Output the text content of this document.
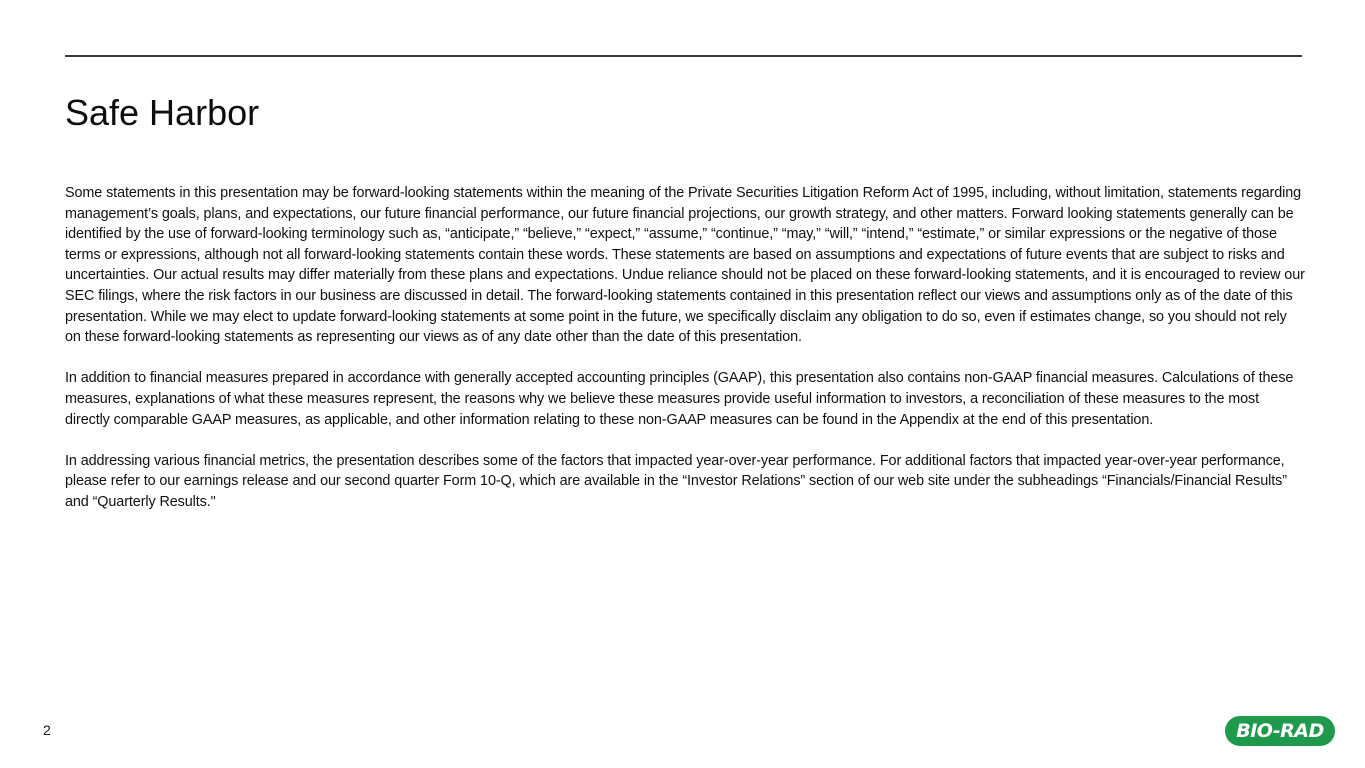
Safe Harbor

Some statements in this presentation may be forward-looking statements within the meaning of the Private Securities Litigation Reform Act of 1995, including, without limitation, statements regarding management’s goals, plans, and expectations, our future financial performance, our future financial projections, our growth strategy, and other matters. Forward looking statements generally can be identified by the use of forward-looking terminology such as, “anticipate,” “believe,” “expect,” “assume,” “continue,” “may,” “will,” “intend,” “estimate,” or similar expressions or the negative of those terms or expressions, although not all forward-looking statements contain these words. These statements are based on assumptions and expectations of future events that are subject to risks and uncertainties. Our actual results may differ materially from these plans and expectations. Undue reliance should not be placed on these forward-looking statements, and it is encouraged to review our SEC filings, where the risk factors in our business are discussed in detail. The forward-looking statements contained in this presentation reflect our views and assumptions only as of the date of this presentation. While we may elect to update forward-looking statements at some point in the future, we specifically disclaim any obligation to do so, even if estimates change, so you should not rely on these forward-looking statements as representing our views as of any date other than the date of this presentation.

In addition to financial measures prepared in accordance with generally accepted accounting principles (GAAP), this presentation also contains non-GAAP financial measures. Calculations of these measures, explanations of what these measures represent, the reasons why we believe these measures provide useful information to investors, a reconciliation of these measures to the most directly comparable GAAP measures, as applicable, and other information relating to these non-GAAP measures can be found in the Appendix at the end of this presentation.

In addressing various financial metrics, the presentation describes some of the factors that impacted year-over-year performance. For additional factors that impacted year-over-year performance, please refer to our earnings release and our second quarter Form 10-Q, which are available in the “Investor Relations” section of our web site under the subheadings “Financials/Financial Results” and “Quarterly Results."

2	BIO-RAD
